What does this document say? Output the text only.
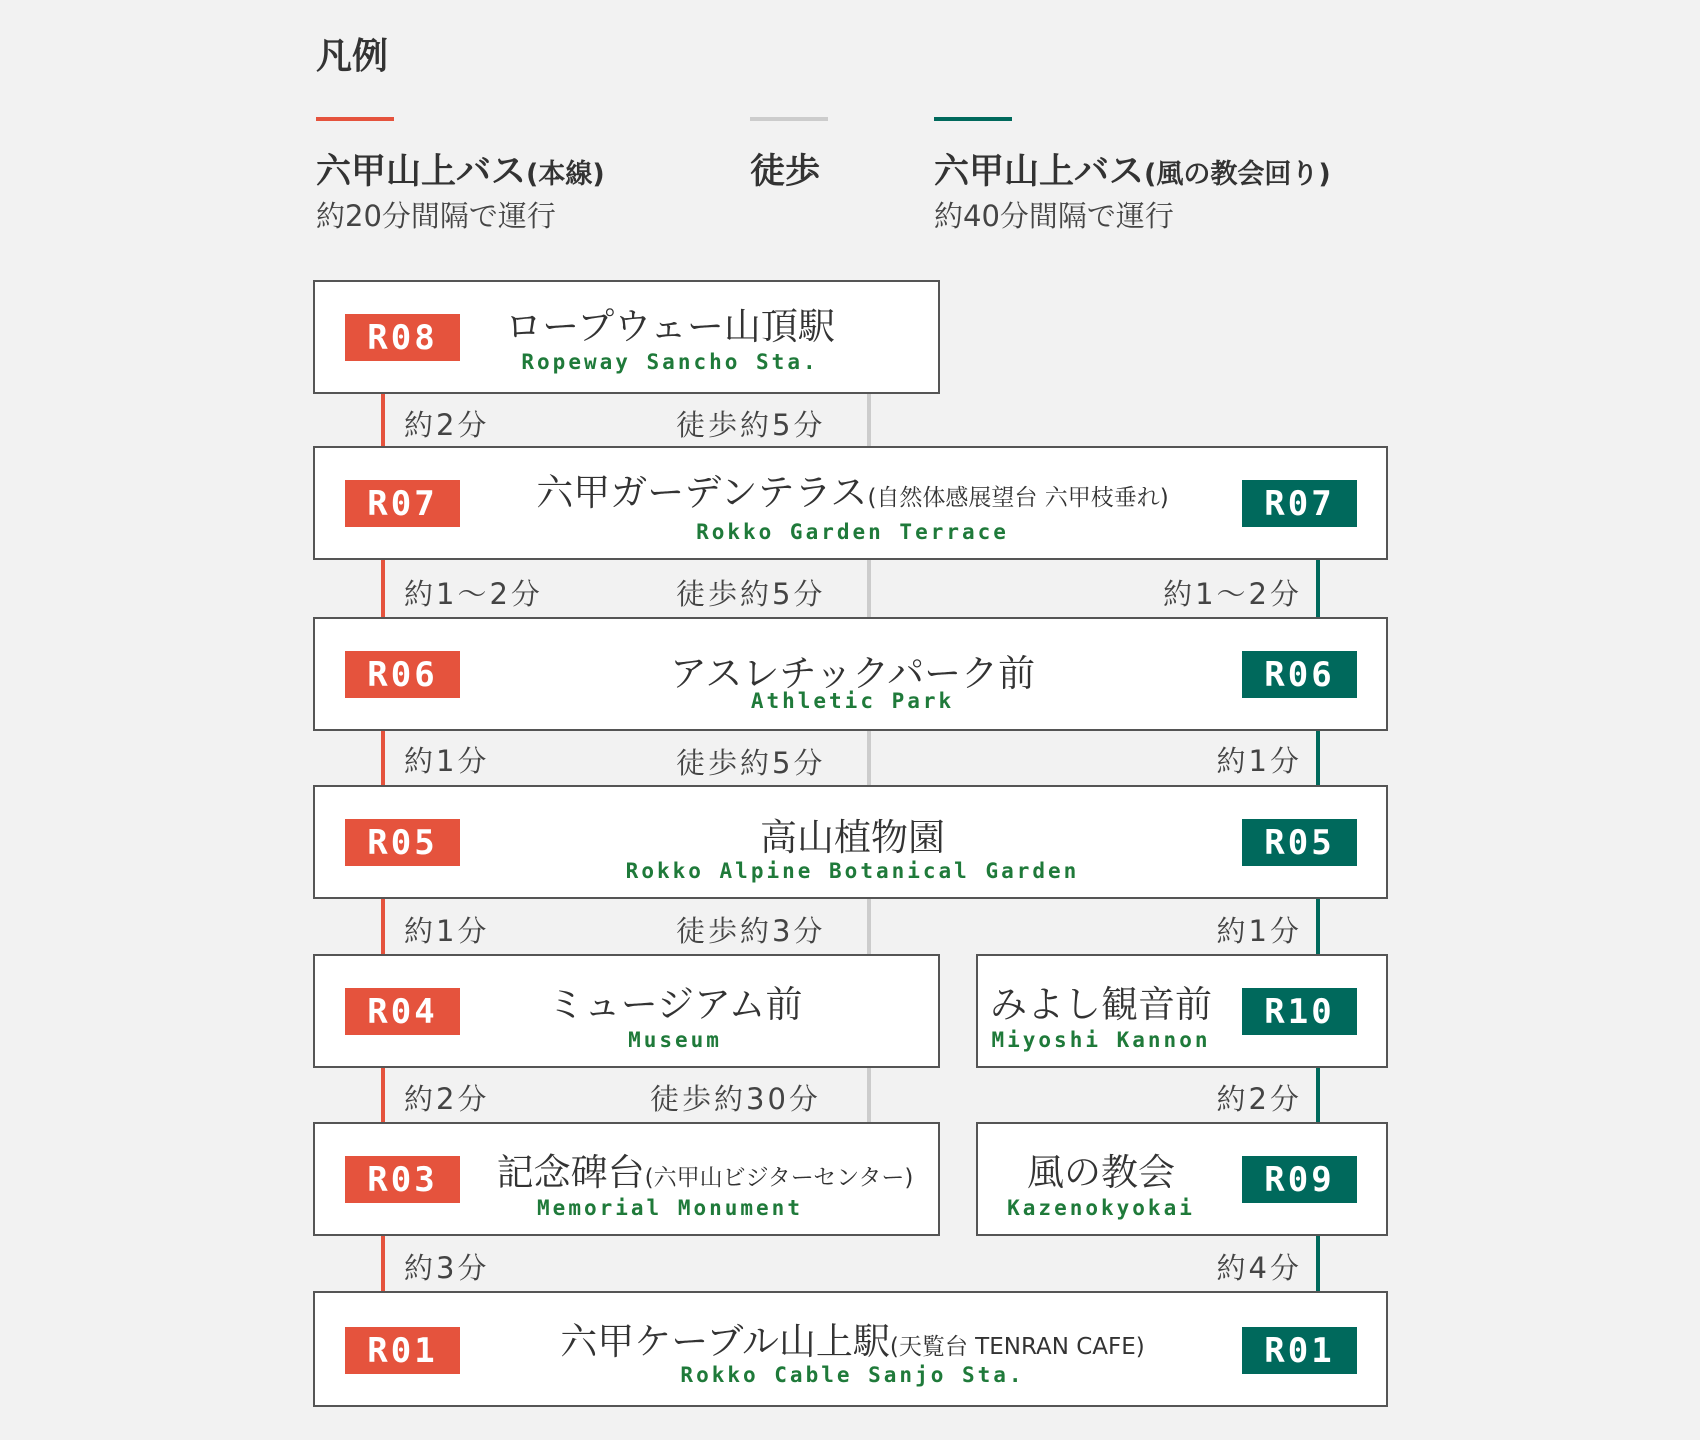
凡例
六甲山上バス(本線)
約20分間隔で運行
徒歩	六甲山上バス(風の教会回り)
約40分間隔で運行
R08	ロープウェー山頂駅
Ropeway Sancho Sta.
約2分	徒歩約5分
R07	六甲ガーデンテラス(自然体感展望台 六甲枝垂れ)
Rokko Garden Terrace
R07
約1～2分	徒歩約5分	約1～2分
R06	アスレチックパーク前
Athletic Park
R06
約1分	徒歩約5分	約1分
R05	高山植物園
Rokko Alpine Botanical Garden
R05
約1分	徒歩約3分	約1分
R04	ミュージアム前
Museum
みよし観音前
Miyoshi Kannon
R10
約2分	徒歩約30分	約2分
R03	記念碑台(六甲山ビジターセンター)
Memorial Monument
風の教会
Kazenokyokai
R09
約3分	約4分
R01	六甲ケーブル山上駅(天覧台 TENRAN CAFE)
Rokko Cable Sanjo Sta.
R01
